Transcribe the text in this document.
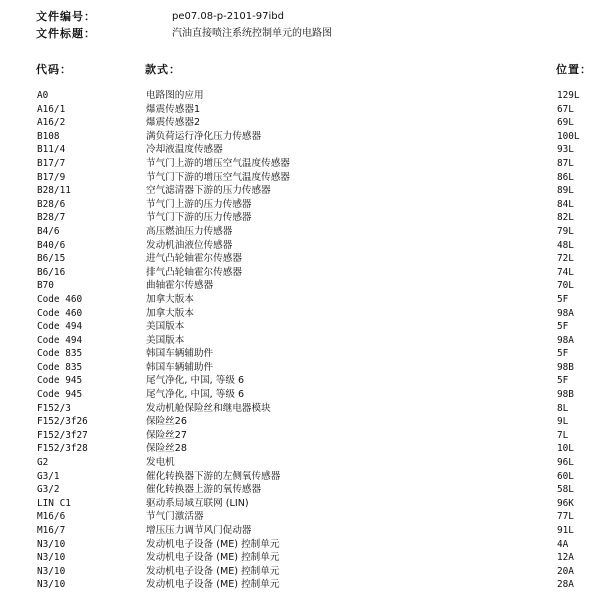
文件编号：	pe07.08-p-2101-97ibd
文件标题：	汽油直接喷注系统控制单元的电路图
代码：	款式：	位置：
A0	电路图的应用	129L
A16/1	爆震传感器1	67L
A16/2	爆震传感器2	69L
B108	满负荷运行净化压力传感器	100L
B11/4	冷却液温度传感器	93L
B17/7	节气门上游的增压空气温度传感器	87L
B17/9	节气门下游的增压空气温度传感器	86L
B28/11	空气滤清器下游的压力传感器	89L
B28/6	节气门上游的压力传感器	84L
B28/7	节气门下游的压力传感器	82L
B4/6	高压燃油压力传感器	79L
B40/6	发动机油液位传感器	48L
B6/15	进气凸轮轴霍尔传感器	72L
B6/16	排气凸轮轴霍尔传感器	74L
B70	曲轴霍尔传感器	70L
Code 460	加拿大版本	5F
Code 460	加拿大版本	98A
Code 494	美国版本	5F
Code 494	美国版本	98A
Code 835	韩国车辆辅助件	5F
Code 835	韩国车辆辅助件	98B
Code 945	尾气净化, 中国, 等级 6	5F
Code 945	尾气净化, 中国, 等级 6	98B
F152/3	发动机舱保险丝和继电器模块	8L
F152/3f26	保险丝26	9L
F152/3f27	保险丝27	7L
F152/3f28	保险丝28	10L
G2	发电机	96L
G3/1	催化转换器下游的左侧氧传感器	60L
G3/2	催化转换器上游的氧传感器	58L
LIN C1	驱动系局域互联网 (LIN)	96K
M16/6	节气门激活器	77L
M16/7	增压压力调节风门促动器	91L
N3/10	发动机电子设备 (ME) 控制单元	4A
N3/10	发动机电子设备 (ME) 控制单元	12A
N3/10	发动机电子设备 (ME) 控制单元	20A
N3/10	发动机电子设备 (ME) 控制单元	28A
